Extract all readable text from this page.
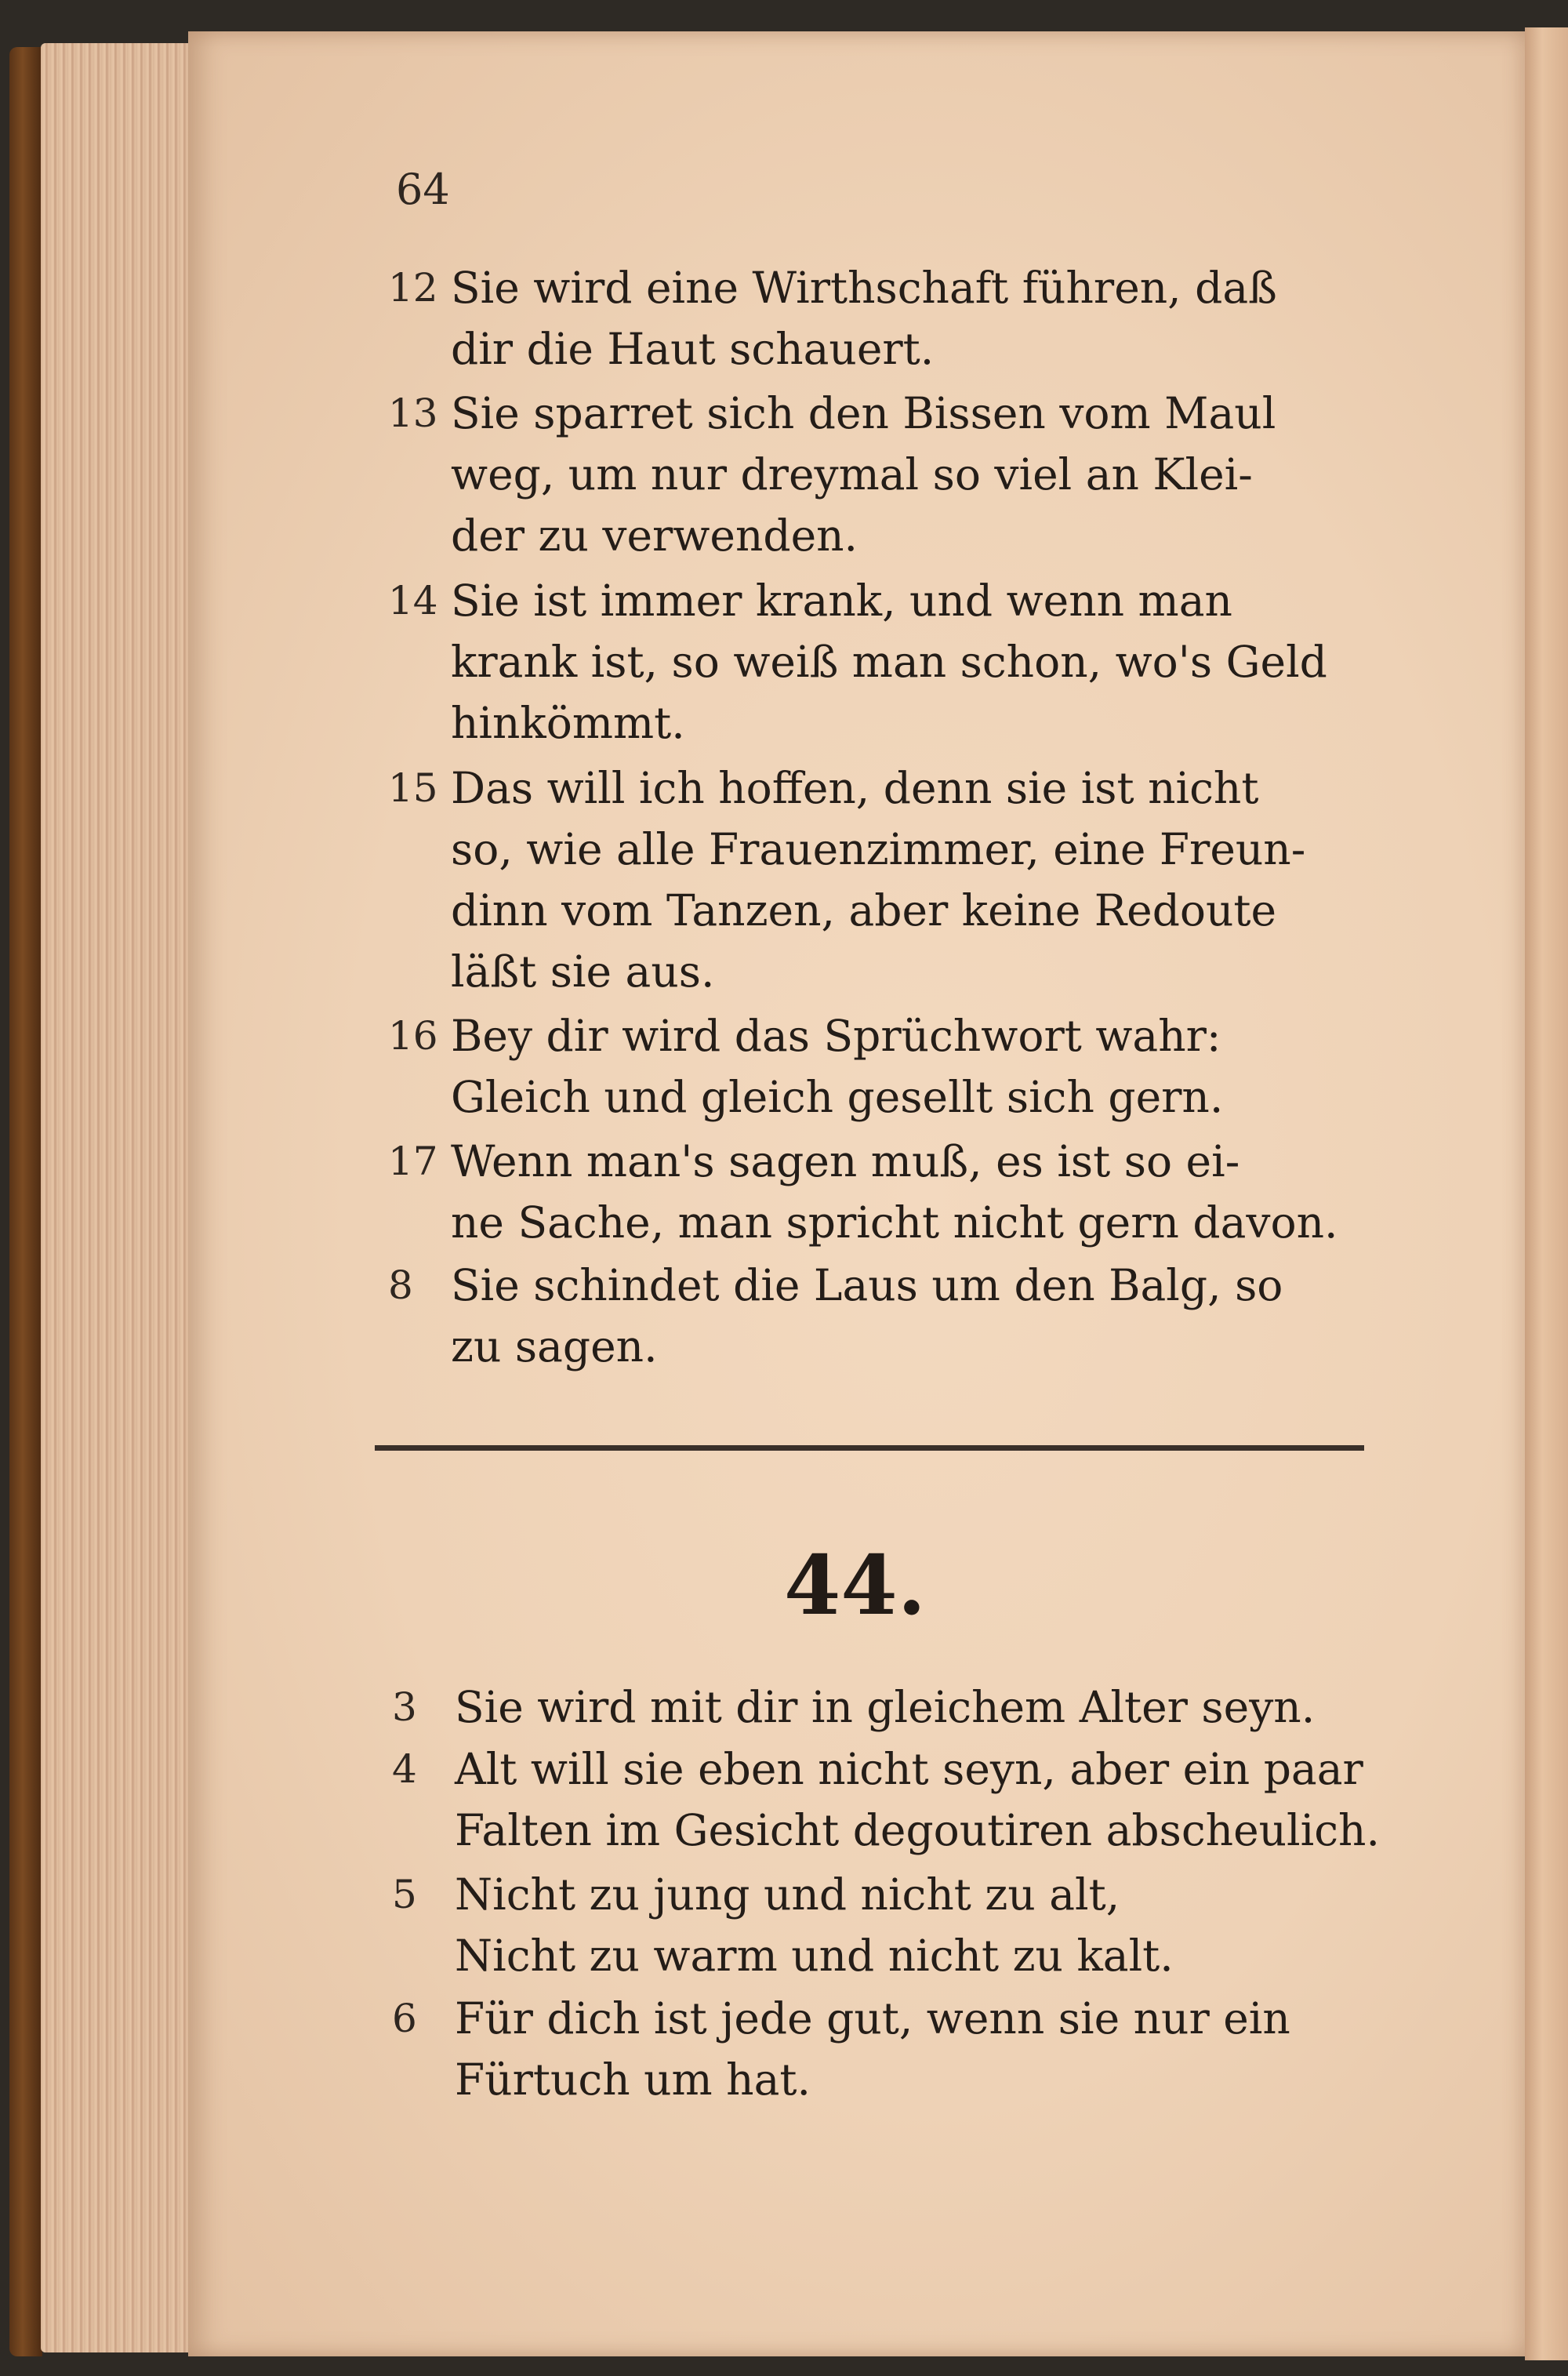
64
12 Sie wird eine Wirthschaft führen, daß
dir die Haut schauert.
13 Sie sparret sich den Bissen vom Maul
weg, um nur dreymal so viel an Klei-
der zu verwenden.
14 Sie ist immer krank, und wenn man
krank ist, so weiß man schon, wo's Geld
hinkömmt.
15 Das will ich hoffen, denn sie ist nicht
so, wie alle Frauenzimmer, eine Freun-
dinn vom Tanzen, aber keine Redoute
läßt sie aus.
16 Bey dir wird das Sprüchwort wahr:
Gleich und gleich gesellt sich gern.
17 Wenn man's sagen muß, es ist so ei-
ne Sache, man spricht nicht gern davon.
8 Sie schindet die Laus um den Balg, so
zu sagen.
44.
3 Sie wird mit dir in gleichem Alter seyn.
4 Alt will sie eben nicht seyn, aber ein paar
Falten im Gesicht degoutiren abscheulich.
5 Nicht zu jung und nicht zu alt,
Nicht zu warm und nicht zu kalt.
6 Für dich ist jede gut, wenn sie nur ein
Fürtuch um hat.
